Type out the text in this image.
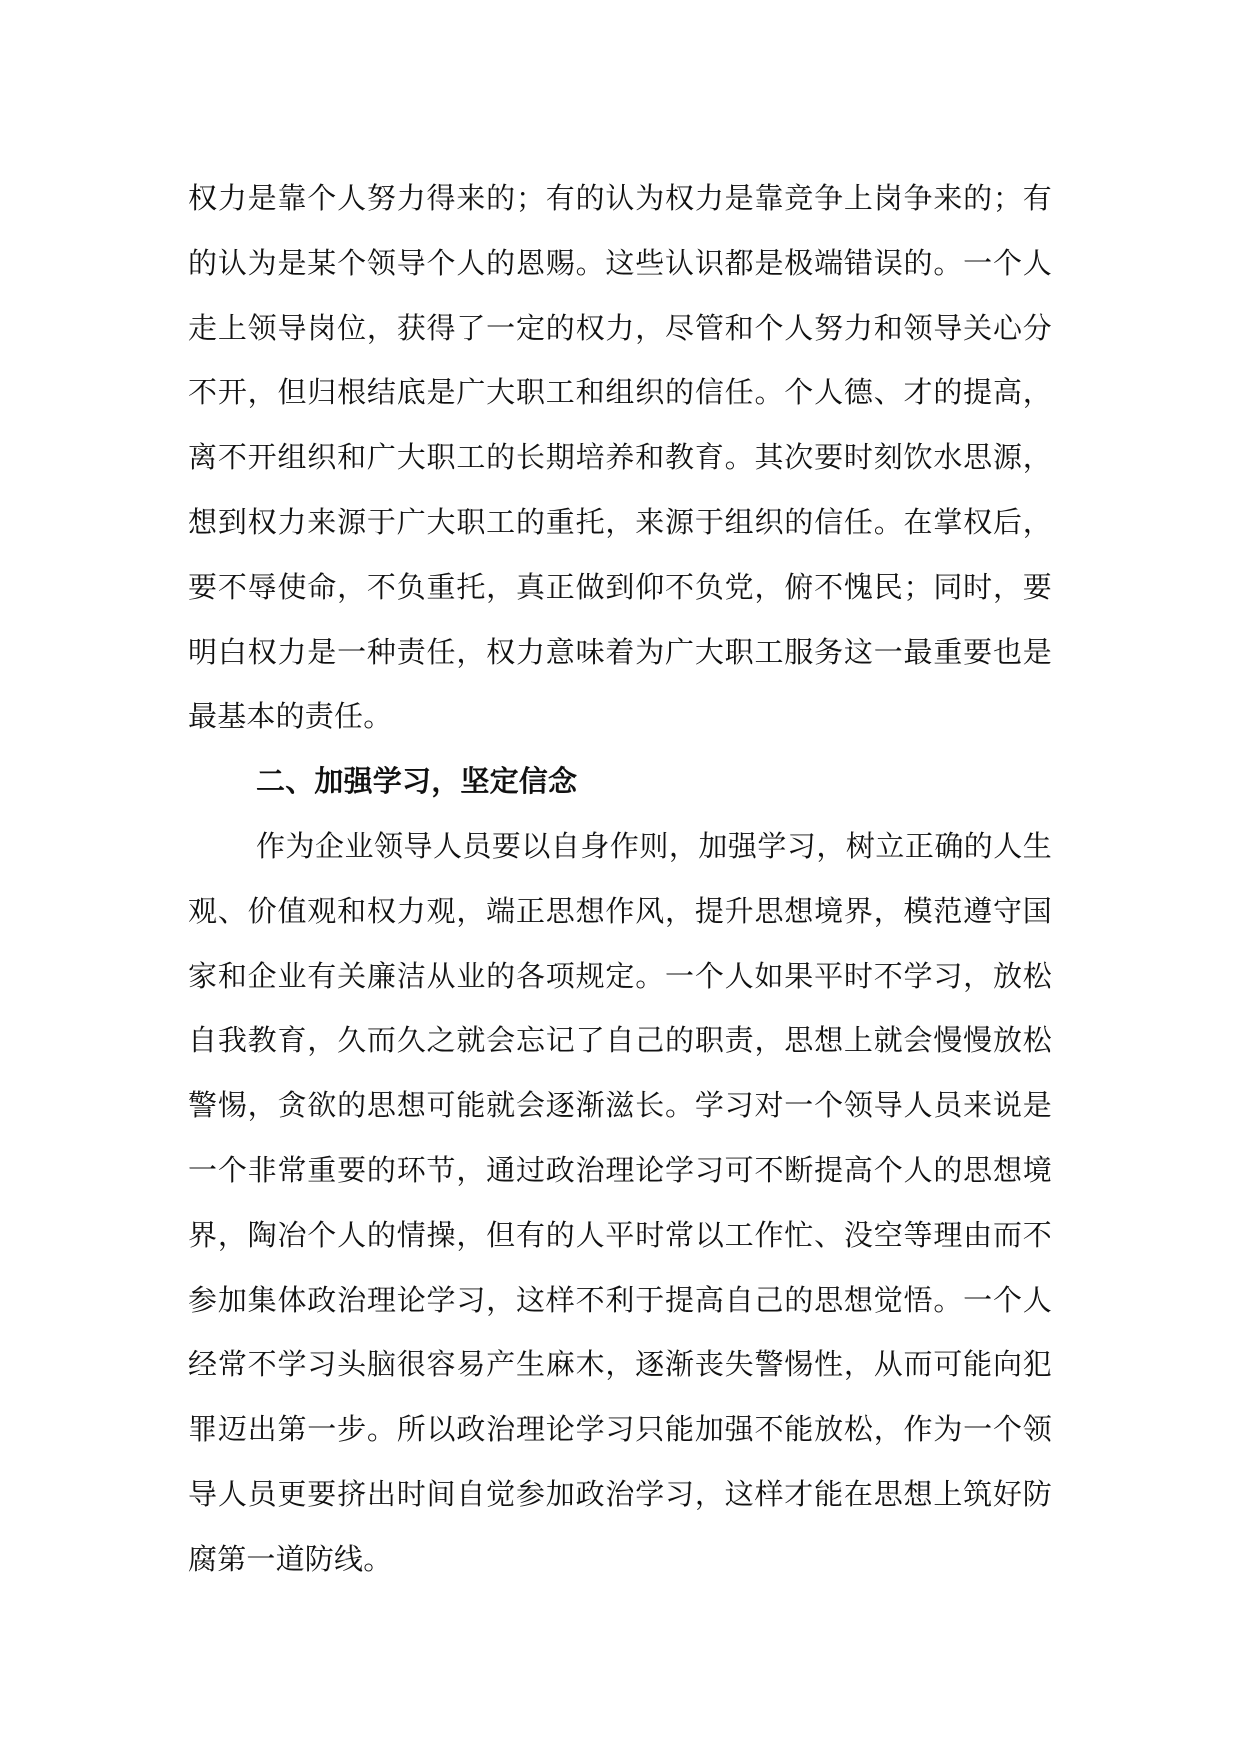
权力是靠个人努力得来的；有的认为权力是靠竞争上岗争来的；有
的认为是某个领导个人的恩赐。这些认识都是极端错误的。一个人
走上领导岗位，获得了一定的权力，尽管和个人努力和领导关心分
不开，但归根结底是广大职工和组织的信任。个人德、才的提高，
离不开组织和广大职工的长期培养和教育。其次要时刻饮水思源，
想到权力来源于广大职工的重托，来源于组织的信任。在掌权后，
要不辱使命，不负重托，真正做到仰不负党，俯不愧民；同时，要
明白权力是一种责任，权力意味着为广大职工服务这一最重要也是
最基本的责任。
二、加强学习，坚定信念
作为企业领导人员要以自身作则，加强学习，树立正确的人生
观、价值观和权力观，端正思想作风，提升思想境界，模范遵守国
家和企业有关廉洁从业的各项规定。一个人如果平时不学习，放松
自我教育，久而久之就会忘记了自己的职责，思想上就会慢慢放松
警惕，贪欲的思想可能就会逐渐滋长。学习对一个领导人员来说是
一个非常重要的环节，通过政治理论学习可不断提高个人的思想境
界，陶冶个人的情操，但有的人平时常以工作忙、没空等理由而不
参加集体政治理论学习，这样不利于提高自己的思想觉悟。一个人
经常不学习头脑很容易产生麻木，逐渐丧失警惕性，从而可能向犯
罪迈出第一步。所以政治理论学习只能加强不能放松，作为一个领
导人员更要挤出时间自觉参加政治学习，这样才能在思想上筑好防
腐第一道防线。
